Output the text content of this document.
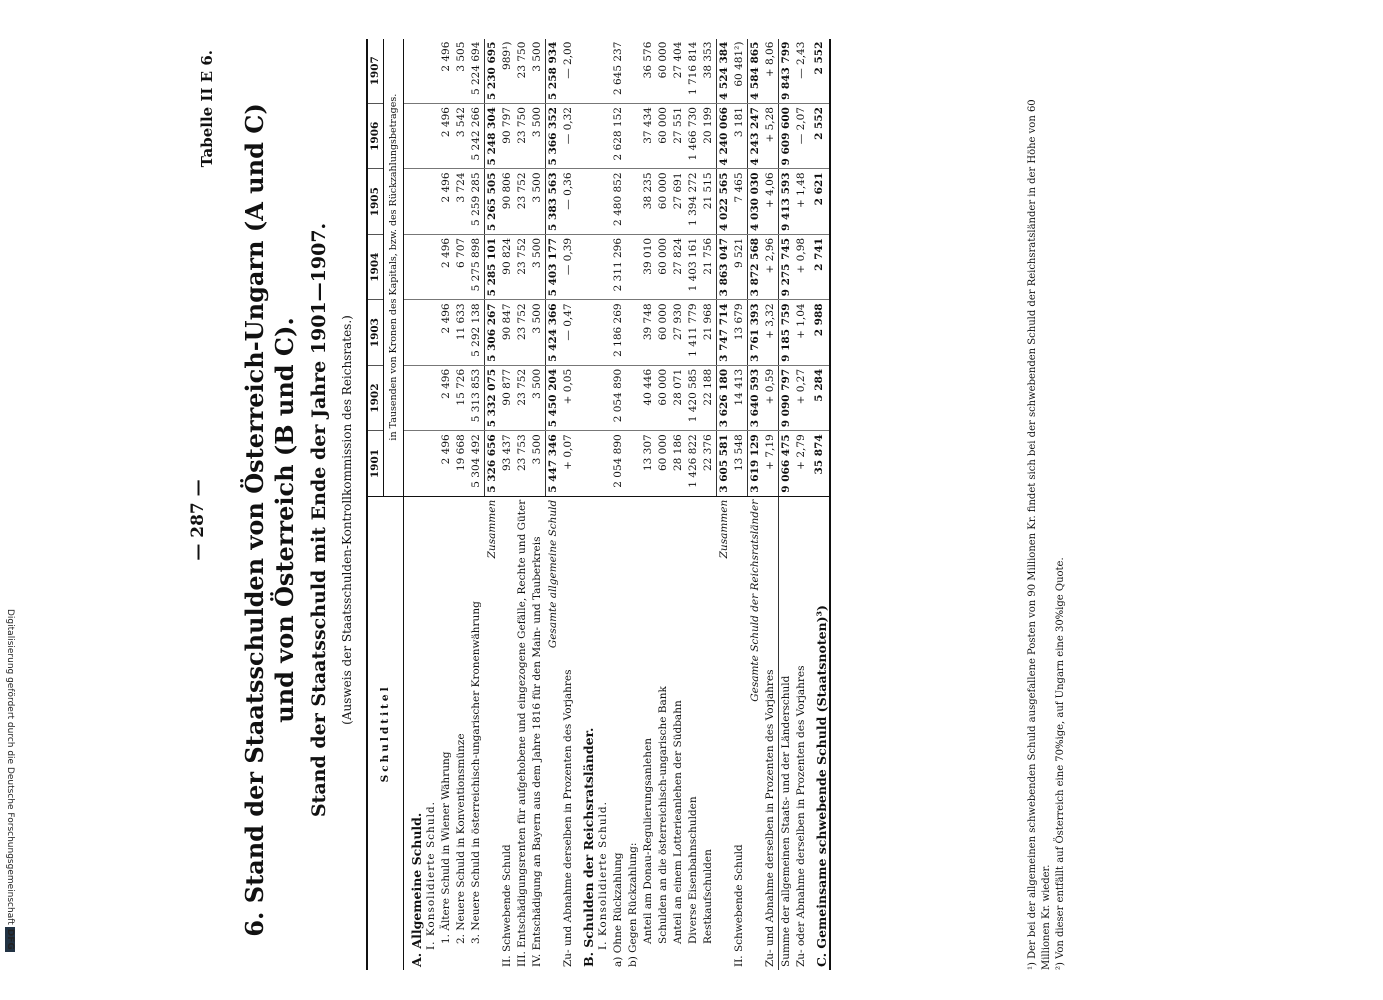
— 287 —
Tabelle II E 6. 6. Stand der Staatsschulden von Österreich-Ungarn (A und C) und von Österreich (B und C). Stand der Staatsschuld mit Ende der Jahre 1901—1907. (Ausweis der Staatsschulden-Kontrollkommission des Reichsrates.)
Schuldtitel	1901	1902	1903	1904	1905	1906	1907
	in Tausenden von Kronen des Kapitals, bzw. des Rückzahlungsbetrages.						
A. Allgemeine Schuld.							
I. Konsolidierte Schuld.							
1. Ältere Schuld in Wiener Währung	2 496	2 496	2 496	2 496	2 496	2 496	2 496
2. Neuere Schuld in Konventionsmünze	19 668	15 726	11 633	6 707	3 724	3 542	3 505
3. Neuere Schuld in österreichisch-ungarischer Kronenwährung	5 304 492	5 313 853	5 292 138	5 275 898	5 259 285	5 242 266	5 224 694
Zusammen	5 326 656	5 332 075	5 306 267	5 285 101	5 265 505	5 248 304	5 230 695
II. Schwebende Schuld	93 437	90 877	90 847	90 824	90 806	90 797	989¹)
III. Entschädigungsrenten für aufgehobene und eingezogene Gefälle, Rechte und Güter	23 753	23 752	23 752	23 752	23 752	23 750	23 750
IV. Entschädigung an Bayern aus dem Jahre 1816 für den Main- und Tauberkreis	3 500	3 500	3 500	3 500	3 500	3 500	3 500
Gesamte allgemeine Schuld	5 447 346	5 450 204	5 424 366	5 403 177	5 383 563	5 366 352	5 258 934
Zu- und Abnahme derselben in Prozenten des Vorjahres	+ 0,07	+ 0,05	— 0,47	— 0,39	— 0,36	— 0,32	— 2,00
B. Schulden der Reichsratsländer.							
I. Konsolidierte Schuld.							
a) Ohne Rückzahlung	2 054 890	2 054 890	2 186 269	2 311 296	2 480 852	2 628 152	2 645 237
b) Gegen Rückzahlung:							
Anteil am Donau-Regulierungsanlehen	13 307	40 446	39 748	39 010	38 235	37 434	36 576
Schulden an die österreichisch-ungarische Bank	60 000	60 000	60 000	60 000	60 000	60 000	60 000
Anteil an einem Lotterieanlehen der Südbahn	28 186	28 071	27 930	27 824	27 691	27 551	27 404
Diverse Eisenbahnschulden	1 426 822	1 420 585	1 411 779	1 403 161	1 394 272	1 466 730	1 716 814
Restkaufschulden	22 376	22 188	21 968	21 756	21 515	20 199	38 353
Zusammen	3 605 581	3 626 180	3 747 714	3 863 047	4 022 565	4 240 066	4 524 384
II. Schwebende Schuld	13 548	14 413	13 679	9 521	7 465	3 181	60 481²)
Gesamte Schuld der Reichsratsländer	3 619 129	3 640 593	3 761 393	3 872 568	4 030 030	4 243 247	4 584 865
Zu- und Abnahme derselben in Prozenten des Vorjahres	+ 7,19	+ 0,59	+ 3,32	+ 2,96	+ 4,06	+ 5,28	+ 8,06
Summe der allgemeinen Staats- und der Länderschuld	9 066 475	9 090 797	9 185 759	9 275 745	9 413 593	9 609 600	9 843 799
Zu- oder Abnahme derselben in Prozenten des Vorjahres	+ 2,79	+ 0,27	+ 1,04	+ 0,98	+ 1,48	— 2,07	— 2,43
C. Gemeinsame schwebende Schuld (Staatsnoten)³)	35 874	5 284	2 988	2 741	2 621	2 552	2 552
¹) Der bei der allgemeinen schwebenden Schuld ausgefallene Posten von 90 Millionen Kr. findet sich bei der schwebenden Schuld der Reichsratsländer in der Höhe von 60 Millionen Kr. wieder. ²) Von dieser entfällt auf Österreich eine 70%ige, auf Ungarn eine 30%ige Quote.
Digitalisierung gefördert durch die Deutsche ForschungsgemeinschaftDFG
